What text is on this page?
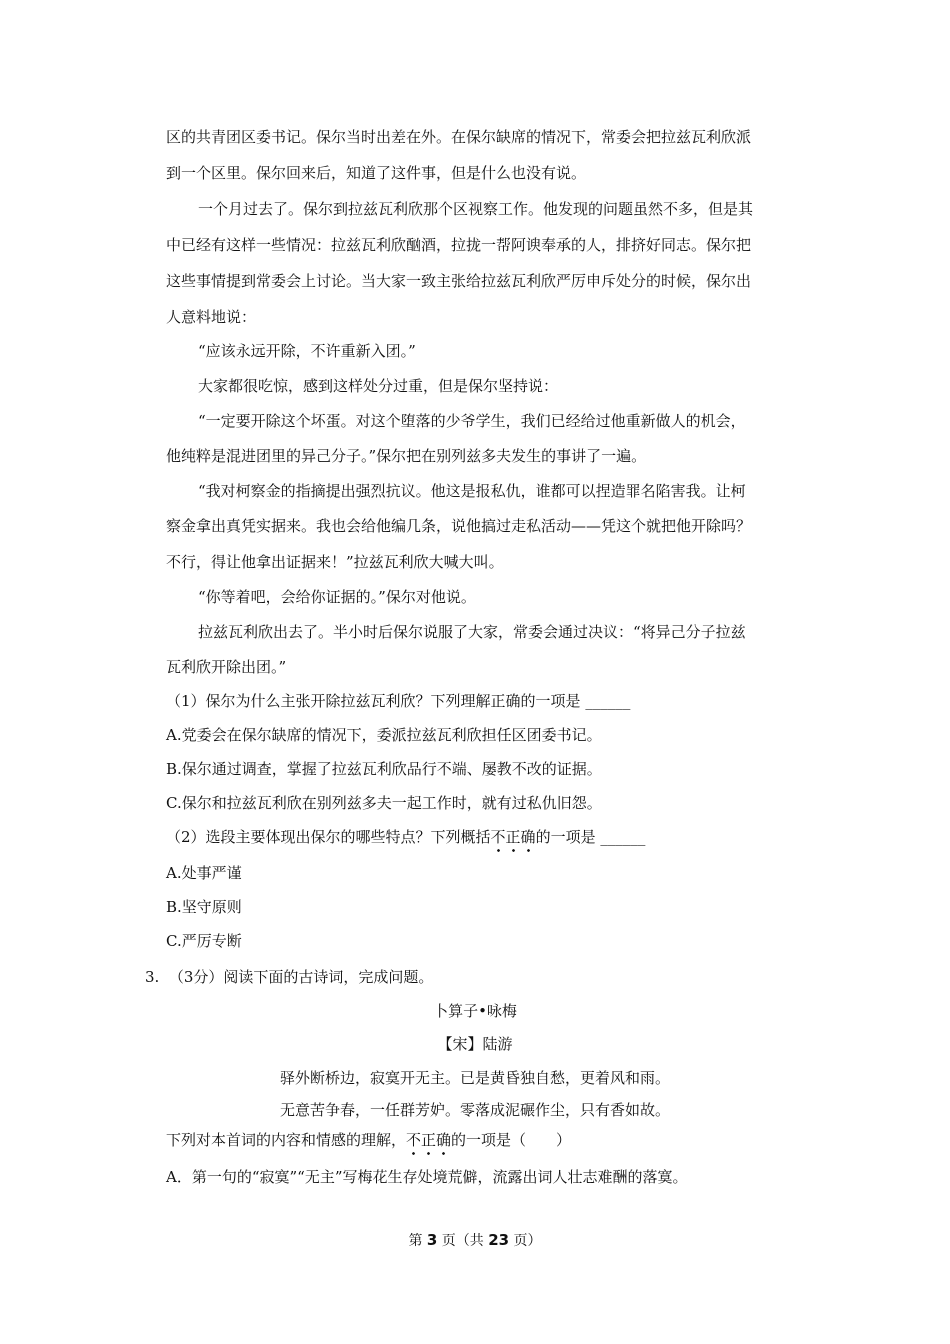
区的共青团区委书记。保尔当时出差在外。在保尔缺席的情况下，常委会把拉兹瓦利欣派
到一个区里。保尔回来后，知道了这件事，但是什么也没有说。
一个月过去了。保尔到拉兹瓦利欣那个区视察工作。他发现的问题虽然不多，但是其
中已经有这样一些情况：拉兹瓦利欣酗酒，拉拢一帮阿谀奉承的人，排挤好同志。保尔把
这些事情提到常委会上讨论。当大家一致主张给拉兹瓦利欣严厉申斥处分的时候，保尔出
人意料地说：
“应该永远开除，不许重新入团。”
大家都很吃惊，感到这样处分过重，但是保尔坚持说：
“一定要开除这个坏蛋。对这个堕落的少爷学生，我们已经给过他重新做人的机会，
他纯粹是混进团里的异己分子。”保尔把在别列兹多夫发生的事讲了一遍。
“我对柯察金的指摘提出强烈抗议。他这是报私仇，谁都可以捏造罪名陷害我。让柯
察金拿出真凭实据来。我也会给他编几条，说他搞过走私活动——凭这个就把他开除吗？
不行，得让他拿出证据来！”拉兹瓦利欣大喊大叫。
“你等着吧，会给你证据的。”保尔对他说。
拉兹瓦利欣出去了。半小时后保尔说服了大家，常委会通过决议：“将异己分子拉兹
瓦利欣开除出团。”
（1）保尔为什么主张开除拉兹瓦利欣？下列理解正确的一项是 ______
A.党委会在保尔缺席的情况下，委派拉兹瓦利欣担任区团委书记。
B.保尔通过调查，掌握了拉兹瓦利欣品行不端、屡教不改的证据。
C.保尔和拉兹瓦利欣在别列兹多夫一起工作时，就有过私仇旧怨。
（2）选段主要体现出保尔的哪些特点？下列概括不正确的一项是 ______
A.处事严谨
B.坚守原则
C.严厉专断
3. （3分）阅读下面的古诗词，完成问题。
卜算子•咏梅
【宋】陆游
驿外断桥边，寂寞开无主。已是黄昏独自愁，更着风和雨。
无意苦争春，一任群芳妒。零落成泥碾作尘，只有香如故。
下列对本首词的内容和情感的理解，不正确的一项是（　　）
A．第一句的“寂寞”“无主”写梅花生存处境荒僻，流露出词人壮志难酬的落寞。
第 3 页（共 23 页）
